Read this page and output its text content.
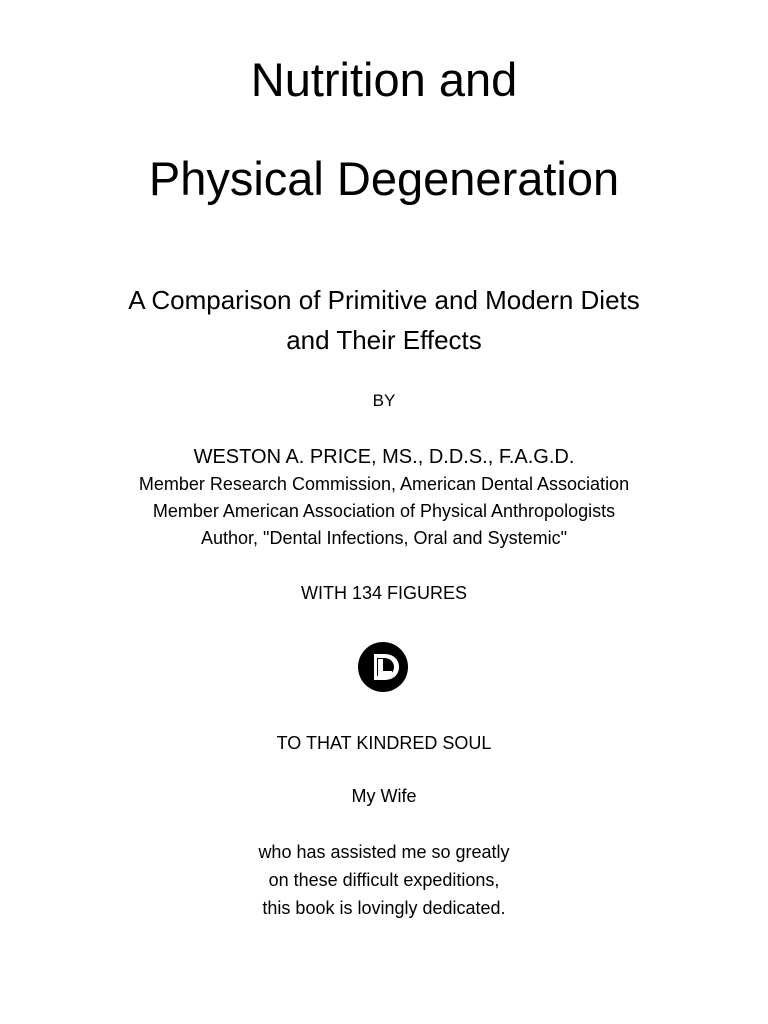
Nutrition and
Physical Degeneration
A Comparison of Primitive and Modern Diets
and Their Effects
BY
WESTON A. PRICE, MS., D.D.S., F.A.G.D.
Member Research Commission, American Dental Association
Member American Association of Physical Anthropologists
Author, "Dental Infections, Oral and Systemic"
WITH 134 FIGURES
TO THAT KINDRED SOUL
My Wife
who has assisted me so greatly
on these difficult expeditions,
this book is lovingly dedicated.
